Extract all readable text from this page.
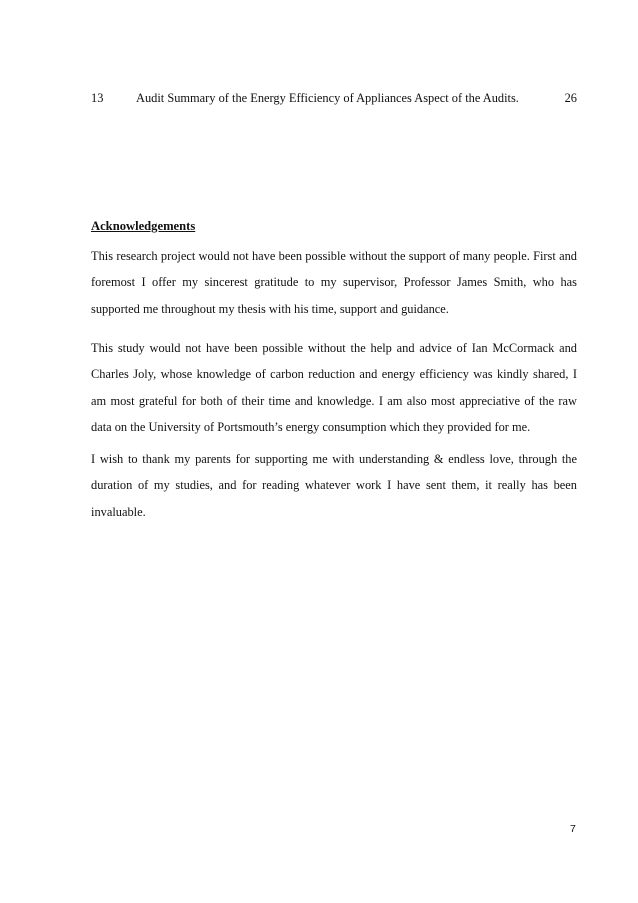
13	Audit Summary of the Energy Efficiency of Appliances Aspect of the Audits.	26
Acknowledgements

This research project would not have been possible without the support of many people. First and foremost I offer my sincerest gratitude to my supervisor, Professor James Smith, who has supported me throughout my thesis with his time, support and guidance.

This study would not have been possible without the help and advice of Ian McCormack and Charles Joly, whose knowledge of carbon reduction and energy efficiency was kindly shared, I am most grateful for both of their time and knowledge. I am also most appreciative of the raw data on the University of Portsmouth’s energy consumption which they provided for me.

I wish to thank my parents for supporting me with understanding & endless love, through the duration of my studies, and for reading whatever work I have sent them, it really has been invaluable.

7
